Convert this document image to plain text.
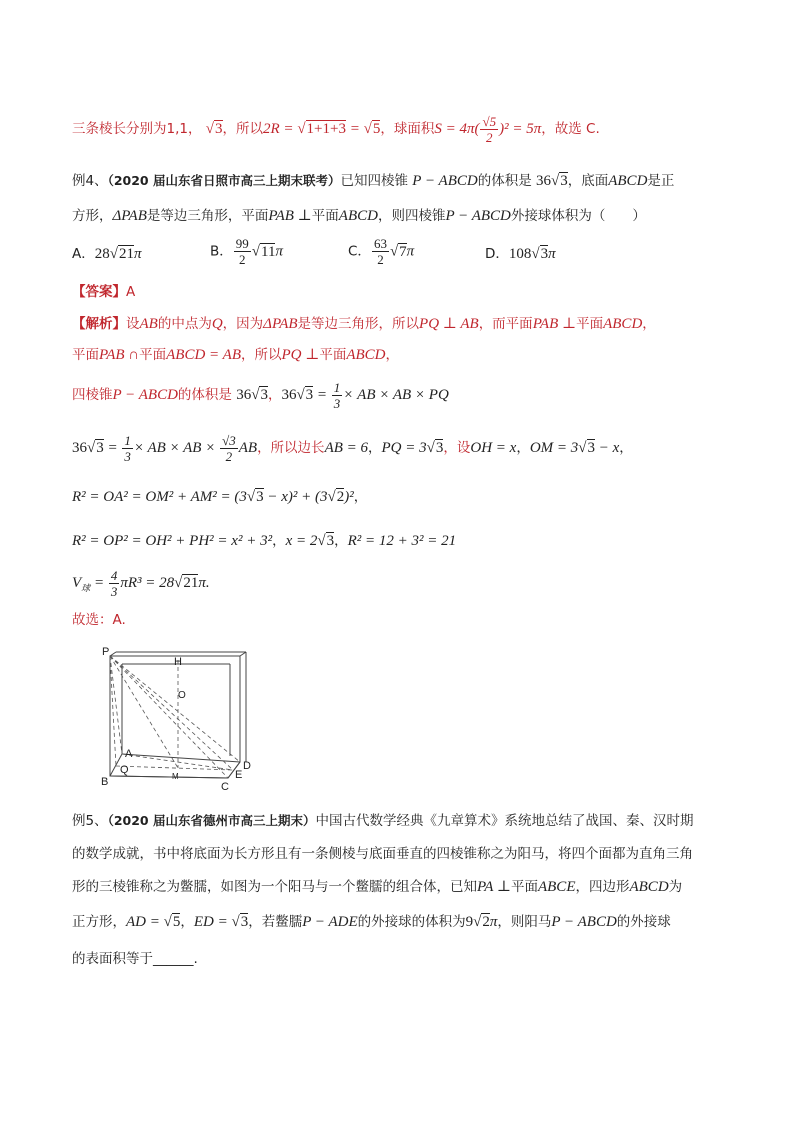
三条棱长分别为1,1， √3，所以2R = √1+1+3 = √5，球面积$S = 4\pi( \frac{√5}{2} )^2 = 5\pi$，故选 C.
例4、（2020 届山东省日照市高三上期末联考）已知四棱锥 P − ABCD的体积是 36√3，底面ABCD是正
方形，ΔPAB是等边三角形，平面PAB ⊥平面ABCD，则四棱锥P − ABCD外接球体积为（　　）
A．28√21π	B． $\frac{99}{2} √11\pi$	C． $\frac{63}{2} √7\pi$	D．108√3π
【答案】A
【解析】设AB的中点为Q，因为ΔPAB是等边三角形，所以PQ ⊥ AB，而平面PAB ⊥平面ABCD，
平面PAB ∩平面ABCD = AB，所以PQ ⊥平面ABCD，
四棱锥P − ABCD的体积是 36√3，$36√3 = \frac{1}{3}$ × AB × AB × PQ
$36√3 = \frac{1}{3}$ × AB × AB × $\frac{√3}{2}$ AB，所以边长AB = 6，PQ = 3√3，设OH = x，OM = 3√3 − x，
R² = OA² = OM² + AM² = (3√3 − x)² + (3√2)²，
R² = OP² = OH² + PH² = x² + 3²，x = 2√3，R² = 12 + 3² = 21
$V_球 = \frac{4}{3} \pi R^3 = 28√21\pi$.
故选：A.
P
H
O
A
B
Q
M
C
E
D
例5、（2020 届山东省德州市高三上期末）中国古代数学经典《九章算术》系统地总结了战国、秦、汉时期
的数学成就，书中将底面为长方形且有一条侧棱与底面垂直的四棱锥称之为阳马，将四个面都为直角三角
形的三棱锥称之为鳖臑，如图为一个阳马与一个鳖臑的组合体，已知PA ⊥平面ABCE，四边形ABCD为
正方形，AD = √5，ED = √3，若鳖臑P − ADE的外接球的体积为9√2π，则阳马P − ABCD的外接球
的表面积等于______.
